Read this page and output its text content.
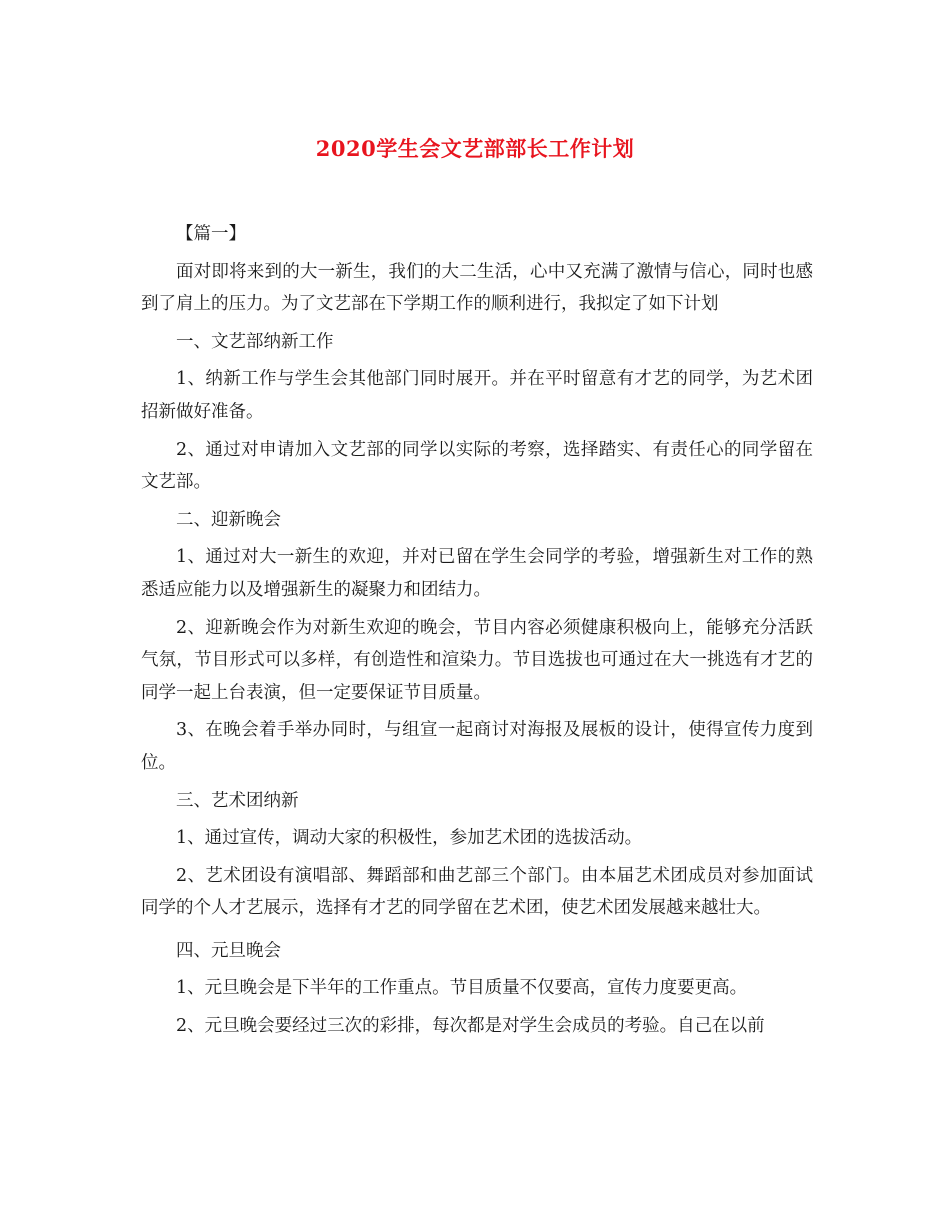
2020学生会文艺部部长工作计划

【篇一】

面对即将来到的大一新生，我们的大二生活，心中又充满了激情与信心，同时也感到了肩上的压力。为了文艺部在下学期工作的顺利进行，我拟定了如下计划

一、文艺部纳新工作

1、纳新工作与学生会其他部门同时展开。并在平时留意有才艺的同学，为艺术团招新做好准备。

2、通过对申请加入文艺部的同学以实际的考察，选择踏实、有责任心的同学留在文艺部。

二、迎新晚会

1、通过对大一新生的欢迎，并对已留在学生会同学的考验，增强新生对工作的熟悉适应能力以及增强新生的凝聚力和团结力。

2、迎新晚会作为对新生欢迎的晚会，节目内容必须健康积极向上，能够充分活跃气氛，节目形式可以多样，有创造性和渲染力。节目选拔也可通过在大一挑选有才艺的同学一起上台表演，但一定要保证节目质量。

3、在晚会着手举办同时，与组宣一起商讨对海报及展板的设计，使得宣传力度到位。

三、艺术团纳新

1、通过宣传，调动大家的积极性，参加艺术团的选拔活动。

2、艺术团设有演唱部、舞蹈部和曲艺部三个部门。由本届艺术团成员对参加面试同学的个人才艺展示，选择有才艺的同学留在艺术团，使艺术团发展越来越壮大。

四、元旦晚会

1、元旦晚会是下半年的工作重点。节目质量不仅要高，宣传力度要更高。

2、元旦晚会要经过三次的彩排，每次都是对学生会成员的考验。自己在以前
